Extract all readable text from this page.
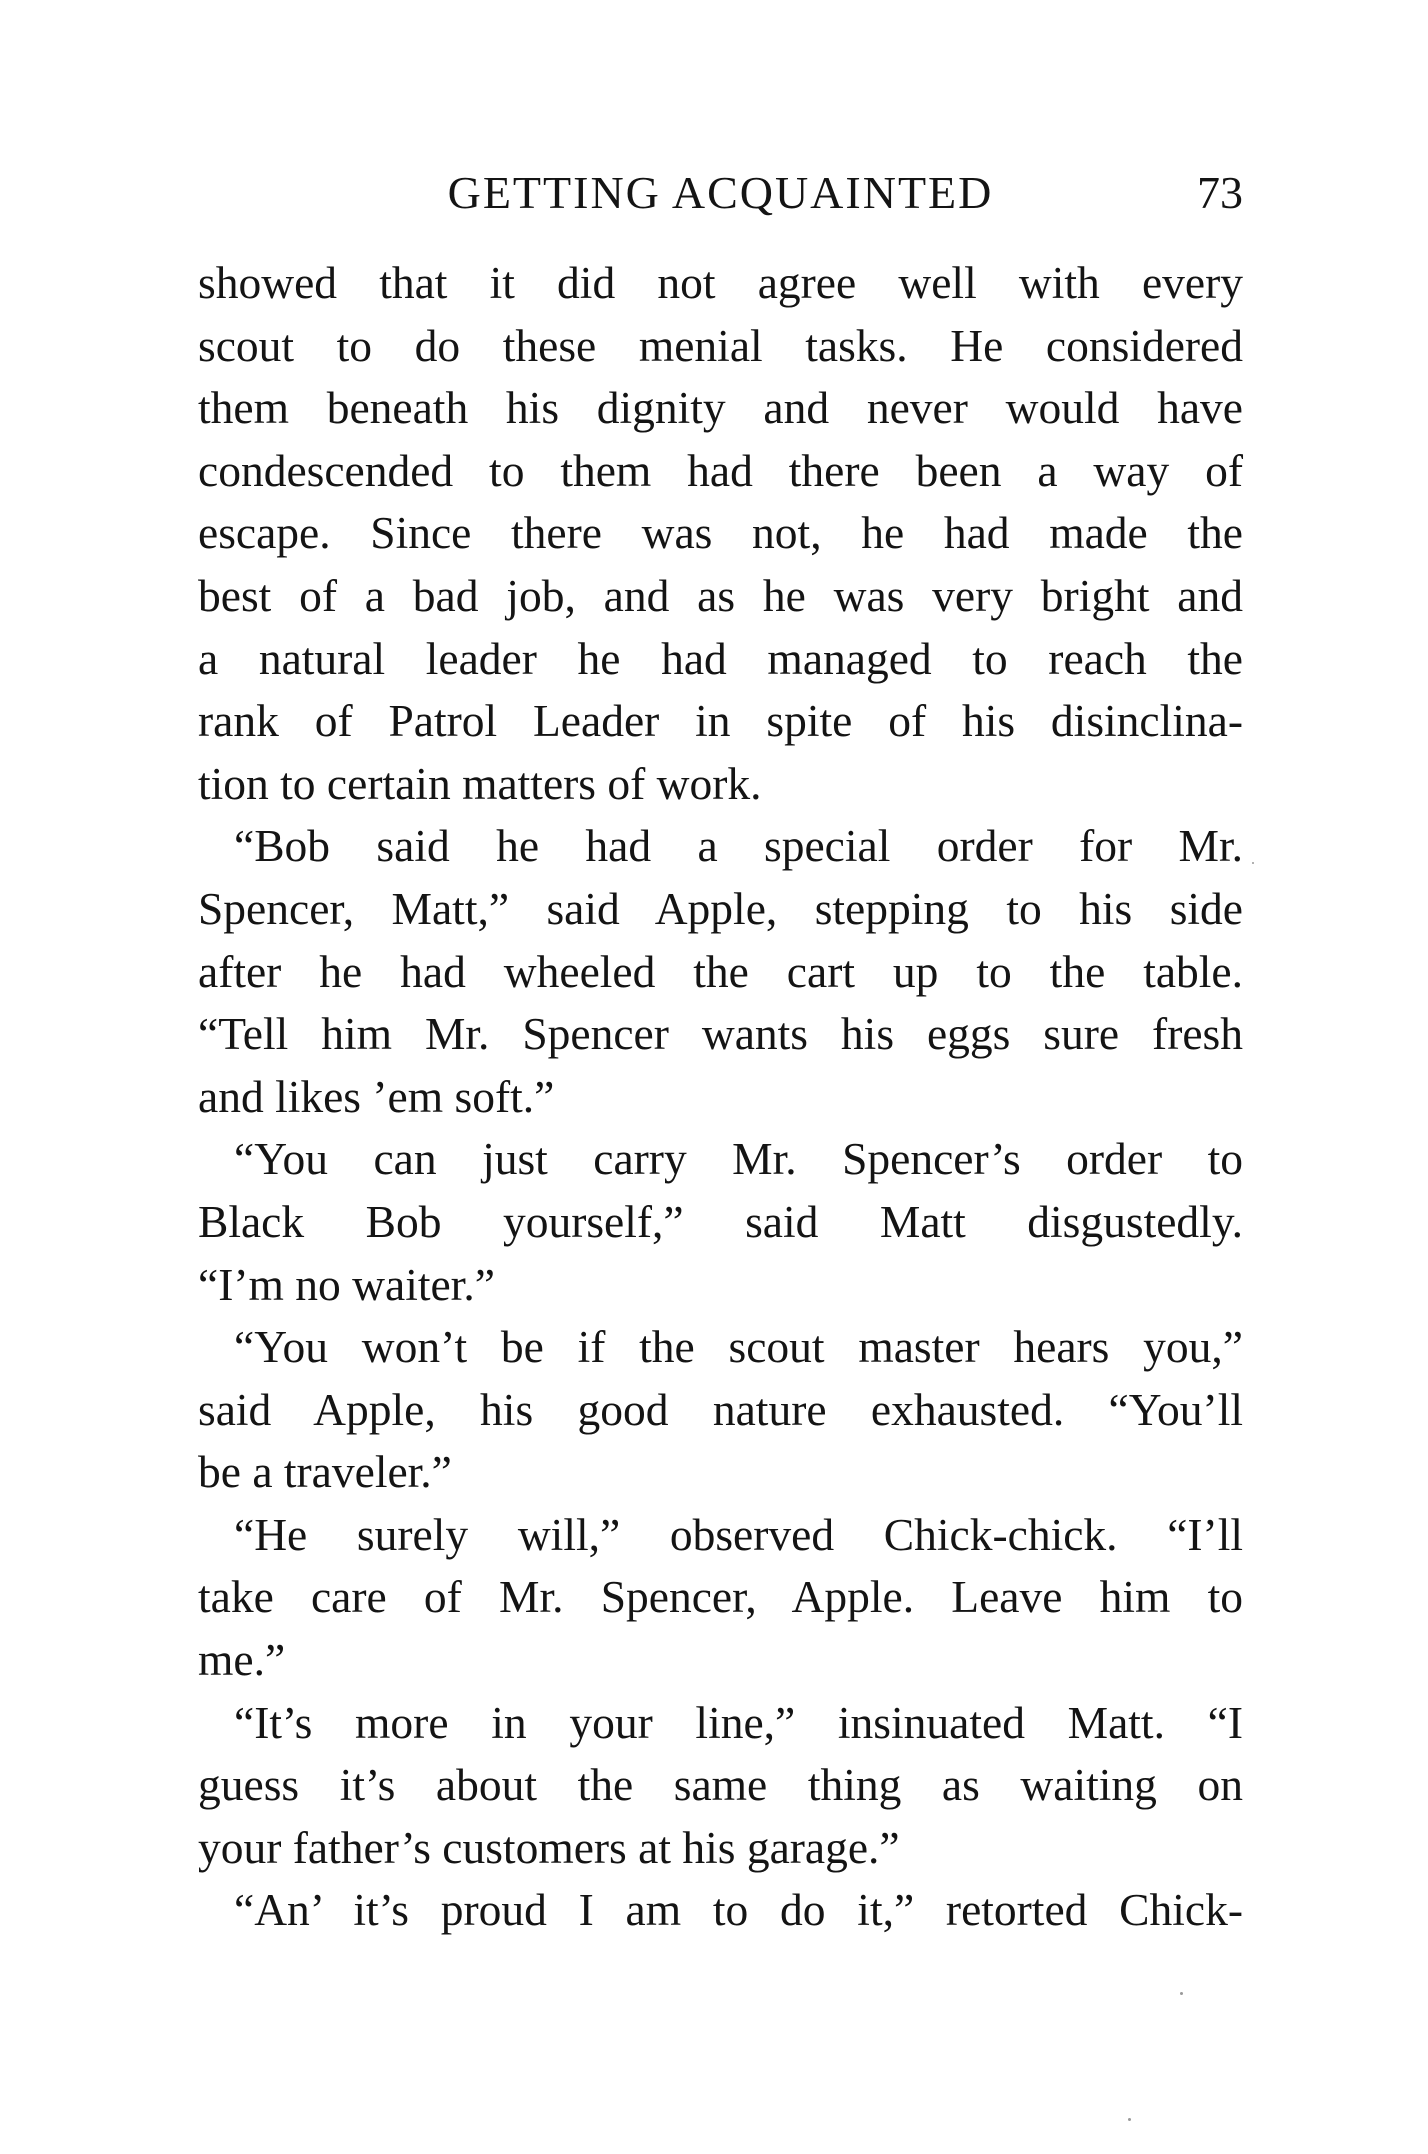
GETTING ACQUAINTED	73

showed that it did not agree well with every
scout to do these menial tasks. He considered
them beneath his dignity and never would have
condescended to them had there been a way of
escape. Since there was not, he had made the
best of a bad job, and as he was very bright and
a natural leader he had managed to reach the
rank of Patrol Leader in spite of his disinclina-
tion to certain matters of work.

“Bob said he had a special order for Mr.
Spencer, Matt,” said Apple, stepping to his side
after he had wheeled the cart up to the table.
“Tell him Mr. Spencer wants his eggs sure fresh
and likes ’em soft.”

“You can just carry Mr. Spencer’s order to
Black Bob yourself,” said Matt disgustedly.
“I’m no waiter.”

“You won’t be if the scout master hears you,”
said Apple, his good nature exhausted. “You’ll
be a traveler.”

“He surely will,” observed Chick-chick. “I’ll
take care of Mr. Spencer, Apple. Leave him to
me.”

“It’s more in your line,” insinuated Matt. “I
guess it’s about the same thing as waiting on
your father’s customers at his garage.”

“An’ it’s proud I am to do it,” retorted Chick-
